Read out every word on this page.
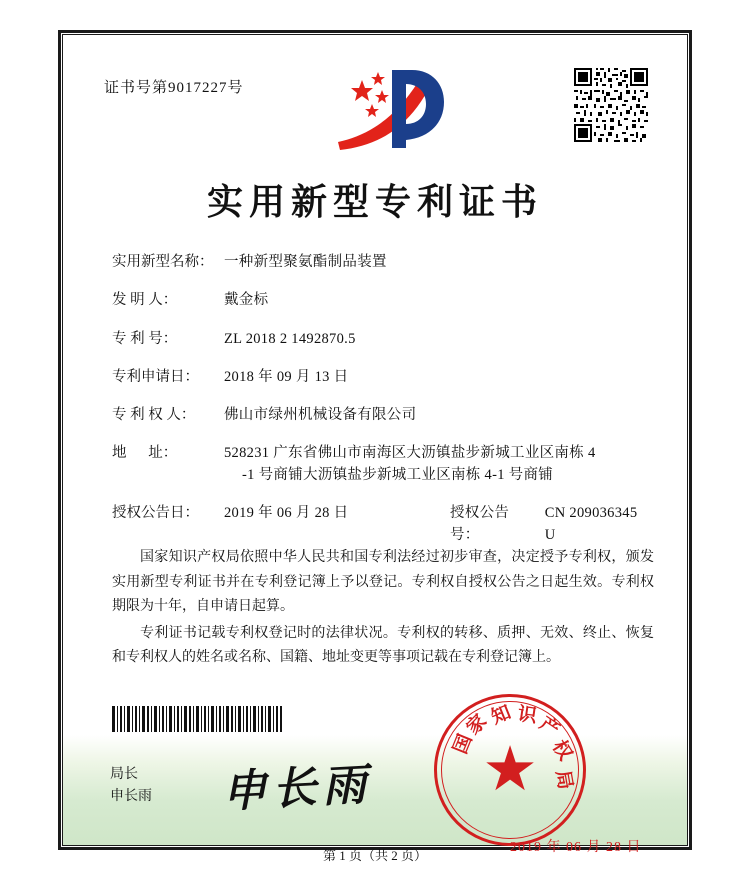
证书号第9017227号
实用新型专利证书
实用新型名称： 一种新型聚氨酯制品装置
发 明 人：	戴金标
专 利 号：	ZL 2018 2 1492870.5
专利申请日：	2018 年 09 月 13 日
专 利 权 人：	佛山市绿州机械设备有限公司
地      址：	528231 广东省佛山市南海区大沥镇盐步新城工业区南栋 4
-1 号商铺大沥镇盐步新城工业区南栋 4-1 号商铺
授权公告日：	2019 年 06 月 28 日	授权公告号：
CN 209036345 U

国家知识产权局依照中华人民共和国专利法经过初步审查，决定授予专利权，颁发实用新型专利证书并在专利登记簿上予以登记。专利权自授权公告之日起生效。专利权期限为十年，自申请日起算。

专利证书记载专利权登记时的法律状况。专利权的转移、质押、无效、终止、恢复和专利权人的姓名或名称、国籍、地址变更等事项记载在专利登记簿上。

局长
申长雨 申长雨 ★
国
家
知 识
产
权
局
2019 年 06 月 28 日
第 1 页（共 2 页）
